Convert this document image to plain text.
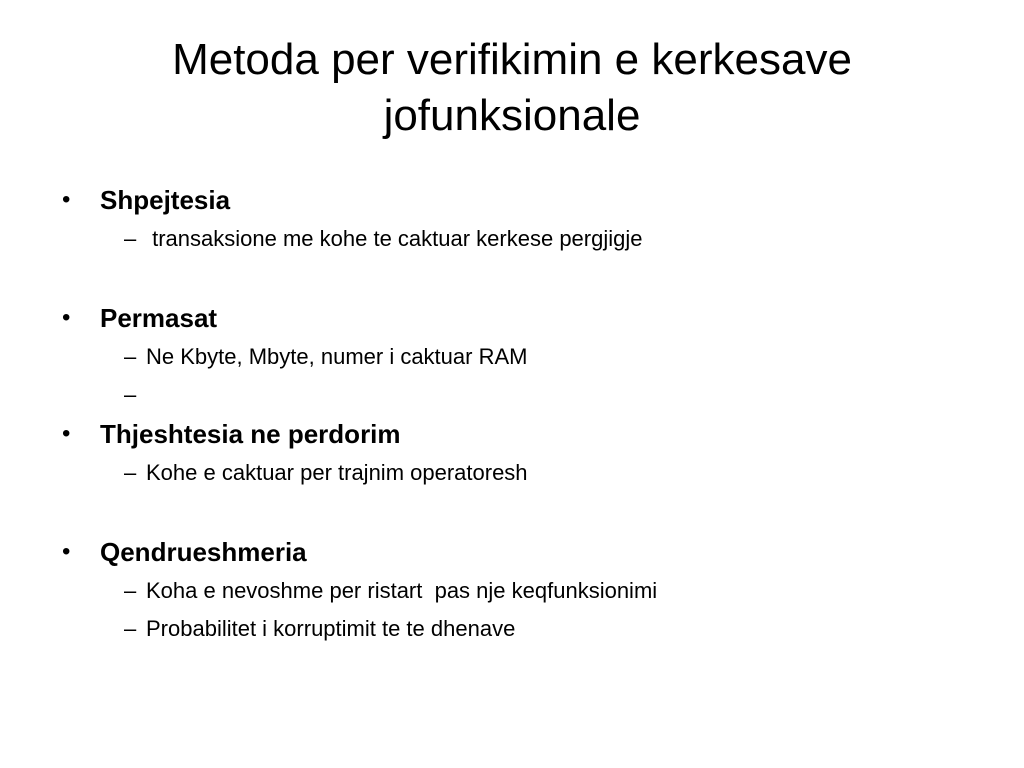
Metoda per verifikimin e kerkesave jofunksionale
• Shpejtesia
– transaksione me kohe te caktuar kerkese pergjigje
• Permasat
– Ne Kbyte, Mbyte, numer i caktuar RAM
–
• Thjeshtesia ne perdorim
– Kohe e caktuar per trajnim operatoresh
• Qendrueshmeria
– Koha e nevoshme per ristart  pas nje keqfunksionimi
– Probabilitet i korruptimit te te dhenave
